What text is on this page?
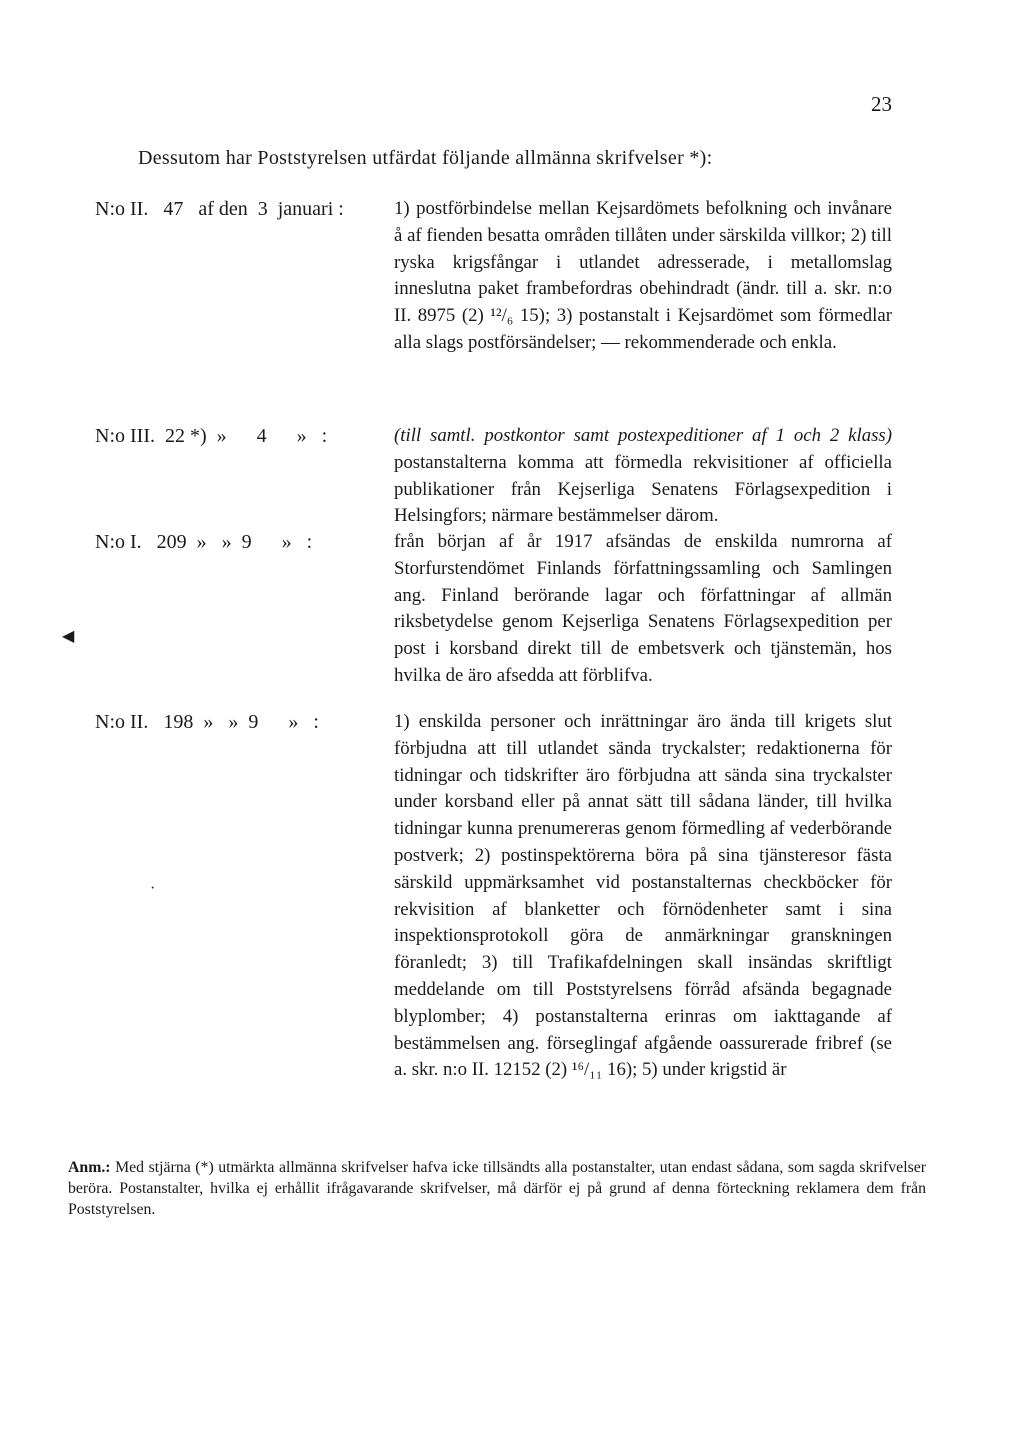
23
Dessutom har Poststyrelsen utfärdat följande allmänna skrifvelser *):
N:o II.   47   af den  3  januari :	1) postförbindelse mellan Kejsardömets befolkning och invånare å af fienden besatta områden tillåten under särskilda villkor; 2) till ryska krigsfångar i utlandet adresserade, i metallomslag inneslutna paket frambefordras obehindradt (ändr. till a. skr. n:o II. 8975 (2) ¹²/₆ 15); 3) postanstalt i Kejsardömet som förmedlar alla slags postförsändelser; — rekommenderade och enkla.
N:o III.  22 *)  »      4      »   :	(till samtl. postkontor samt postexpeditioner af 1 och 2 klass) postanstalterna komma att förmedla rekvisitioner af officiella publikationer från Kejserliga Senatens Förlagsexpedition i Helsingfors; närmare bestämmelser därom.
N:o I.   209  »   »  9      »   :	från början af år 1917 afsändas de enskilda numrorna af Storfurstendömet Finlands författningssamling och Samlingen ang. Finland berörande lagar och författningar af allmän riksbetydelse genom Kejserliga Senatens Förlagsexpedition per post i korsband direkt till de embetsverk och tjänstemän, hos hvilka de äro afsedda att förblifva.
N:o II.   198  »   »  9      »   :	1) enskilda personer och inrättningar äro ända till krigets slut förbjudna att till utlandet sända tryckalster; redaktionerna för tidningar och tidskrifter äro förbjudna att sända sina tryckalster under korsband eller på annat sätt till sådana länder, till hvilka tidningar kunna prenumereras genom förmedling af vederbörande postverk; 2) postinspektörerna böra på sina tjänsteresor fästa särskild uppmärksamhet vid postanstalternas checkböcker för rekvisition af blanketter och förnödenheter samt i sina inspektionsprotokoll göra de anmärkningar granskningen föranledt; 3) till Trafikafdelningen skall insändas skriftligt meddelande om till Poststyrelsens förråd afsända begagnade blyplomber; 4) postanstalterna erinras om iakttagande af bestämmelsen ang. förseglingaf afgående oassurerade fribref (se a. skr. n:o II. 12152 (2) ¹⁶/₁₁ 16); 5) under krigstid är
◀
·
Anm.: Med stjärna (*) utmärkta allmänna skrifvelser hafva icke tillsändts alla postanstalter, utan endast sådana, som sagda skrifvelser beröra. Postanstalter, hvilka ej erhållit ifrågavarande skrifvelser, må därför ej på grund af denna förteckning reklamera dem från Poststyrelsen.
